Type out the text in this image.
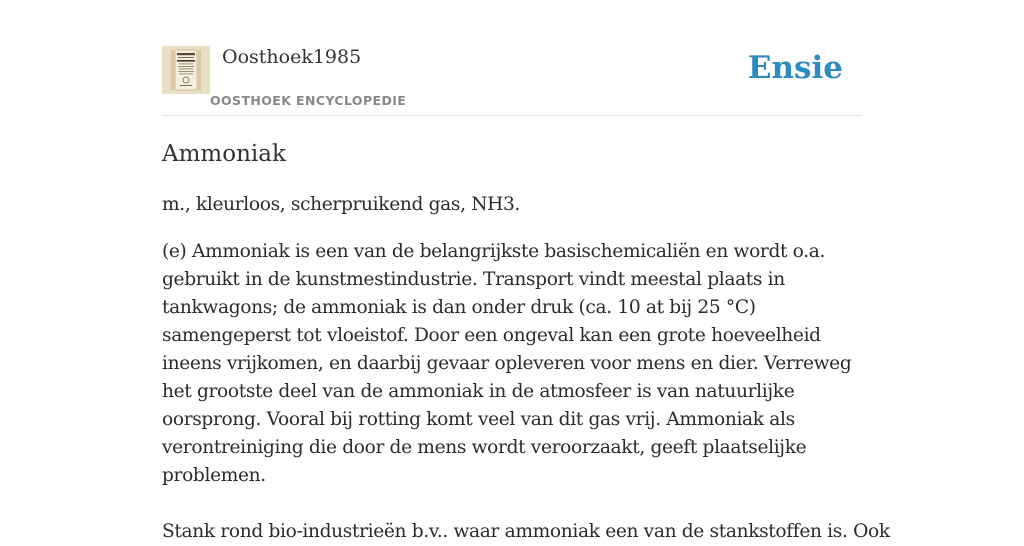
Oosthoek1985
OOSTHOEK ENCYCLOPEDIE
Ensie
Ammoniak

m., kleurloos, scherpruikend gas, NH3.

(e) Ammoniak is een van de belangrijkste basischemicaliën en wordt o.a. gebruikt in de kunstmestindustrie. Transport vindt meestal plaats in tankwagons; de ammoniak is dan onder druk (ca. 10 at bij 25 °C) samengeperst tot vloeistof. Door een ongeval kan een grote hoeveelheid ineens vrijkomen, en daarbij gevaar opleveren voor mens en dier. Verreweg het grootste deel van de ammoniak in de atmosfeer is van natuurlijke oorsprong. Vooral bij rotting komt veel van dit gas vrij. Ammoniak als verontreiniging die door de mens wordt veroorzaakt, geeft plaatselijke problemen.

Stank rond bio-industrieën b.v.. waar ammoniak een van de stankstoffen is. Ook
